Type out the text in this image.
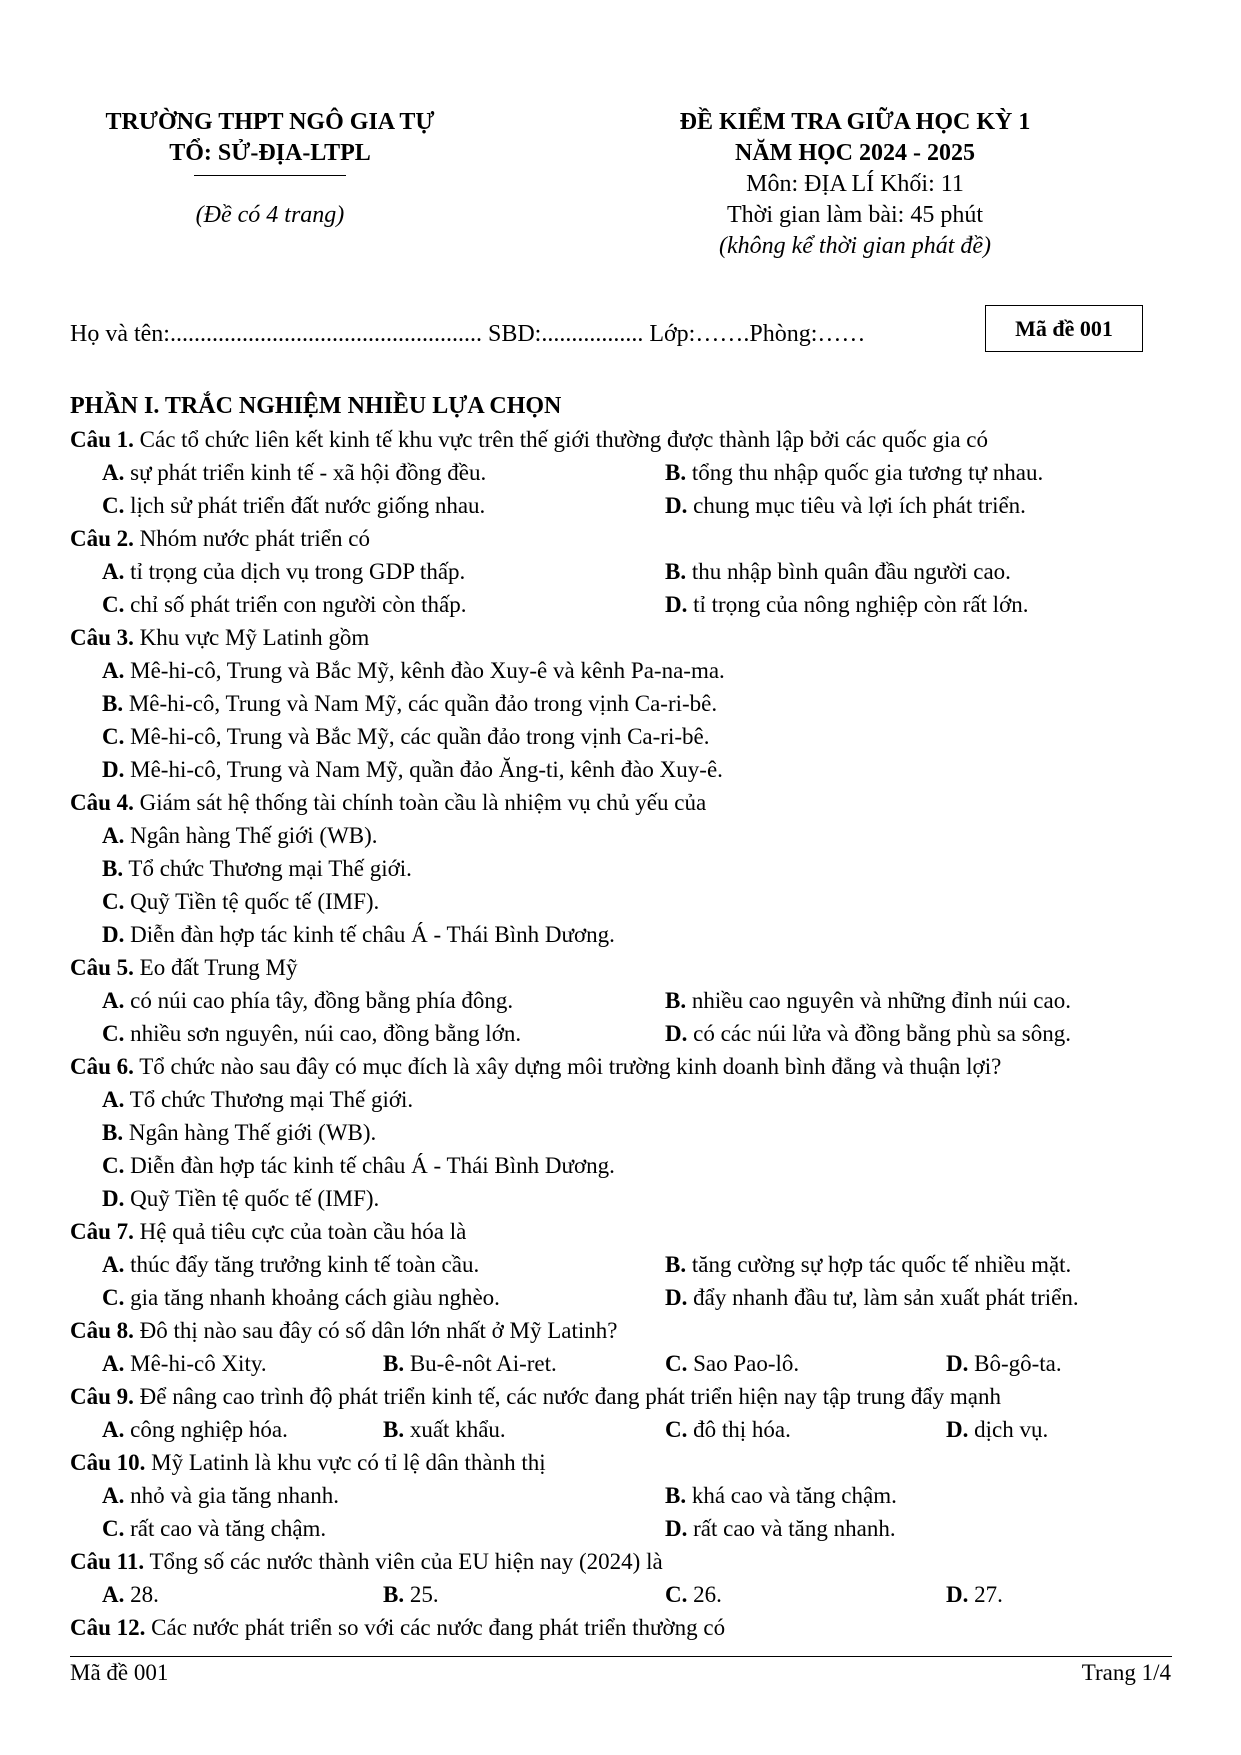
TRƯỜNG THPT NGÔ GIA TỰ
TỔ: SỬ-ĐỊA-LTPL
(Đề có 4 trang)
ĐỀ KIỂM TRA GIỮA HỌC KỲ 1
NĂM HỌC 2024 - 2025
Môn: ĐỊA LÍ Khối: 11
Thời gian làm bài: 45 phút
(không kể thời gian phát đề)
Họ và tên:.................................................... SBD:................. Lớp:…….Phòng:……	Mã đề 001
PHẦN I. TRẮC NGHIỆM NHIỀU LỰA CHỌN
Câu 1. Các tổ chức liên kết kinh tế khu vực trên thế giới thường được thành lập bởi các quốc gia có
A. sự phát triển kinh tế - xã hội đồng đều.	B. tổng thu nhập quốc gia tương tự nhau.
C. lịch sử phát triển đất nước giống nhau.	D. chung mục tiêu và lợi ích phát triển.
Câu 2. Nhóm nước phát triển có
A. tỉ trọng của dịch vụ trong GDP thấp.	B. thu nhập bình quân đầu người cao.
C. chỉ số phát triển con người còn thấp.	D. tỉ trọng của nông nghiệp còn rất lớn.
Câu 3. Khu vực Mỹ Latinh gồm
A. Mê-hi-cô, Trung và Bắc Mỹ, kênh đào Xuy-ê và kênh Pa-na-ma.
B. Mê-hi-cô, Trung và Nam Mỹ, các quần đảo trong vịnh Ca-ri-bê.
C. Mê-hi-cô, Trung và Bắc Mỹ, các quần đảo trong vịnh Ca-ri-bê.
D. Mê-hi-cô, Trung và Nam Mỹ, quần đảo Ăng-ti, kênh đào Xuy-ê.
Câu 4. Giám sát hệ thống tài chính toàn cầu là nhiệm vụ chủ yếu của
A. Ngân hàng Thế giới (WB).
B. Tổ chức Thương mại Thế giới.
C. Quỹ Tiền tệ quốc tế (IMF).
D. Diễn đàn hợp tác kinh tế châu Á - Thái Bình Dương.
Câu 5. Eo đất Trung Mỹ
A. có núi cao phía tây, đồng bằng phía đông.	B. nhiều cao nguyên và những đỉnh núi cao.
C. nhiều sơn nguyên, núi cao, đồng bằng lớn.	D. có các núi lửa và đồng bằng phù sa sông.
Câu 6. Tổ chức nào sau đây có mục đích là xây dựng môi trường kinh doanh bình đẳng và thuận lợi?
A. Tổ chức Thương mại Thế giới.
B. Ngân hàng Thế giới (WB).
C. Diễn đàn hợp tác kinh tế châu Á - Thái Bình Dương.
D. Quỹ Tiền tệ quốc tế (IMF).
Câu 7. Hệ quả tiêu cực của toàn cầu hóa là
A. thúc đẩy tăng trưởng kinh tế toàn cầu.	B. tăng cường sự hợp tác quốc tế nhiều mặt.
C. gia tăng nhanh khoảng cách giàu nghèo.	D. đẩy nhanh đầu tư, làm sản xuất phát triển.
Câu 8. Đô thị nào sau đây có số dân lớn nhất ở Mỹ Latinh?
A. Mê-hi-cô Xity.	B. Bu-ê-nôt Ai-ret.	C. Sao Pao-lô.	D. Bô-gô-ta.
Câu 9. Để nâng cao trình độ phát triển kinh tế, các nước đang phát triển hiện nay tập trung đẩy mạnh
A. công nghiệp hóa.	B. xuất khẩu.	C. đô thị hóa.	D. dịch vụ.
Câu 10. Mỹ Latinh là khu vực có tỉ lệ dân thành thị
A. nhỏ và gia tăng nhanh.	B. khá cao và tăng chậm.
C. rất cao và tăng chậm.	D. rất cao và tăng nhanh.
Câu 11. Tổng số các nước thành viên của EU hiện nay (2024) là
A. 28.	B. 25.	C. 26.	D. 27.
Câu 12. Các nước phát triển so với các nước đang phát triển thường có
Mã đề 001	Trang 1/4
